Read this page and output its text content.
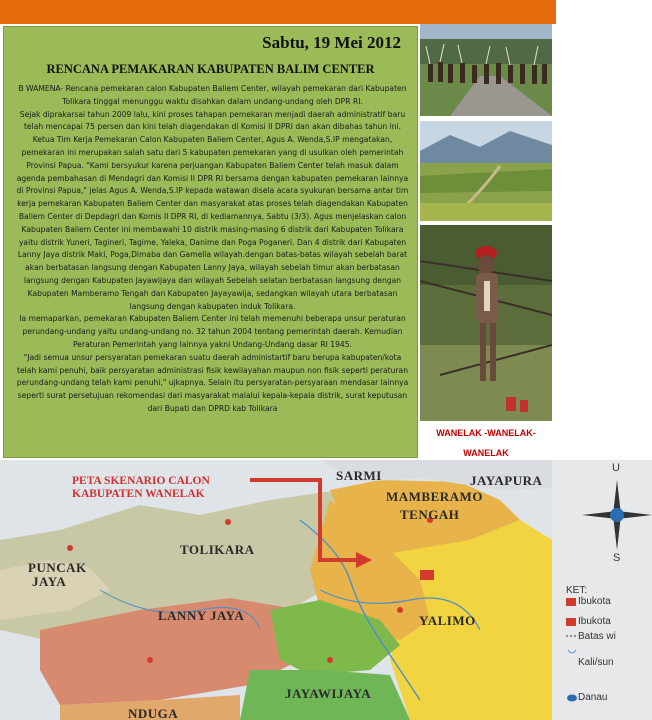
Sabtu, 19 Mei 2012
RENCANA PEMAKARAN KABUPATEN BALIM CENTER

B WAMENA- Rencana pemekaran calon Kabupaten Baliem Center, wilayah pemekaran dari Kabupaten Tolikara tinggal menunggu waktu disahkan dalam undang-undang oleh DPR RI.

Sejak diprakarsai tahun 2009 lalu, kini proses tahapan pemekaran menjadi daerah administratif baru telah mencapai 75 persen dan kini telah diagendakan di Komisi II DPRI dan akan dibahas tahun ini. Ketua Tim Kerja Pemekaran Calon Kabupaten Baliem Center, Agus A. Wenda,S.IP mengatakan, pemekaran ini merupakan salah satu dari 5 kabupaten pemekaran yang di usulkan oleh pemerintah Provinsi Papua. "Kami bersyukur karena perjuangan Kabupaten Baliem Center telah masuk dalam agenda pembahasan di Mendagri dan Komisi II DPR RI bersama dengan kabupaten pemekaran lainnya di Provinsi Papua," jelas Agus A. Wenda,S.IP kepada watawan disela acara syukuran bersama antar tim kerja pemekaran Kabupaten Baliem Center dan masyarakat atas proses telah diagendakan Kabupaten Baliem Center di Depdagri dan Komis II DPR RI, di kediamannya, Sabtu (3/3). Agus menjelaskan calon Kabupaten Baliem Center ini membawahi 10 distrik masing-masing 6 distrik dari Kabupaten Tolikara yaitu distrik Yuneri, Tagineri, Tagime, Yaleka, Danime dan Poga Poganeri. Dan 4 distrik dari Kabupaten Lanny Jaya distrik Maki, Poga,Dimaba dan Gamelia wilayah.dengan batas-batas wilayah sebelah barat akan berbatasan langsung dengan Kabupaten Lanny Jaya, wilayah sebelah timur akan berbatasan langsung dengan Kabupaten Jayawijaya dan wilayah Sebelah selatan berbatasan langsung dengan Kabupaten Mamberamo Tengah dan Kabupaten Jayayawija, sedangkan wilayah utara berbatasan langsung dengan kabupaten induk Tolikara.

Ia memaparkan, pemekaran Kabupaten Baliem Center ini telah memenuhi beberapa unsur peraturan perundang-undang yaitu undang-undang no. 32 tahun 2004 tentang pemerintah daerah. Kemudian Peraturan Pemerintah yang lainnya yakni Undang-Undang dasar RI 1945.

"Jadi semua unsur persyaratan pemekaran suatu daerah administartif baru berupa kabupaten/kota telah kami penuhi, baik persyaratan administrasi fisik kewilayahan maupun non fisik seperti peraturan perundang-undang telah kami penuhi," ujkapnya. Selain itu persyaratan-persyaraan mendasar lainnya seperti surat persetujuan rekomendasi dari masyarakat malalui kepala-kepala distrik, surat keputusan dari Bupati dan DPRD kab Tolikara

WANELAK -WANELAK-WANELAK
PETA SKENARIO CALON
KABUPATEN WANELAK
SARMI	JAYAPURA
MAMBERAMO
TENGAH
TOLIKARA
PUNCAK
JAYA
LANNY JAYA	YALIMO
JAYAWIJAYA
NDUGA
U
S
KET:
Ibukota
Ibukota
Batas wi
Kali/sun
Danau
